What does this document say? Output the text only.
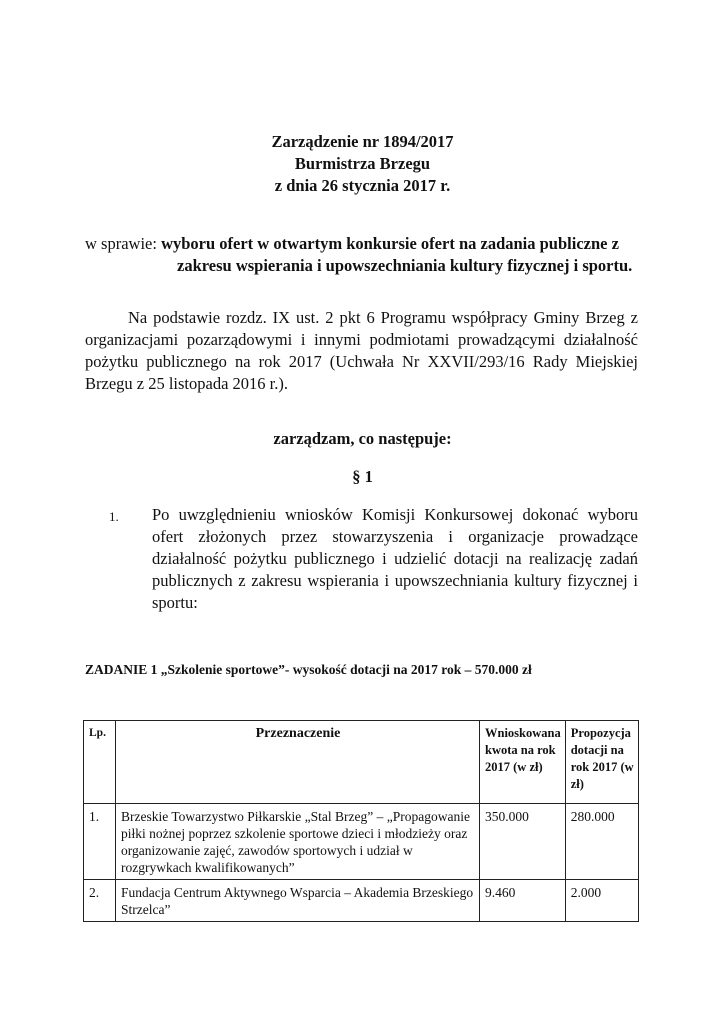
Zarządzenie nr 1894/2017
Burmistrza Brzegu
z dnia 26 stycznia 2017 r.
w sprawie: wyboru ofert w otwartym konkursie ofert na zadania publiczne z
zakresu wspierania i upowszechniania kultury fizycznej i sportu.
Na podstawie rozdz. IX ust. 2 pkt 6 Programu współpracy Gminy Brzeg z organizacjami pozarządowymi i innymi podmiotami prowadzącymi działalność pożytku publicznego na rok 2017 (Uchwała Nr XXVII/293/16 Rady Miejskiej Brzegu z 25 listopada 2016 r.).
zarządzam, co następuje:
§ 1
1. Po uwzględnieniu wniosków Komisji Konkursowej dokonać wyboru ofert złożonych przez stowarzyszenia i organizacje prowadzące działalność pożytku publicznego i udzielić dotacji na realizację zadań publicznych z zakresu wspierania i upowszechniania kultury fizycznej i sportu:
ZADANIE 1 „Szkolenie sportowe”- wysokość dotacji na 2017 rok – 570.000 zł
Lp.	Przeznaczenie	Wnioskowana kwota na rok 2017 (w zł)	Propozycja dotacji na rok 2017 (w zł)
1.	Brzeskie Towarzystwo Piłkarskie „Stal Brzeg” – „Propagowanie piłki nożnej poprzez szkolenie sportowe dzieci i młodzieży oraz organizowanie zajęć, zawodów sportowych i udział w rozgrywkach kwalifikowanych”	350.000	280.000
2.	Fundacja Centrum Aktywnego Wsparcia – Akademia Brzeskiego Strzelca”	9.460	2.000
